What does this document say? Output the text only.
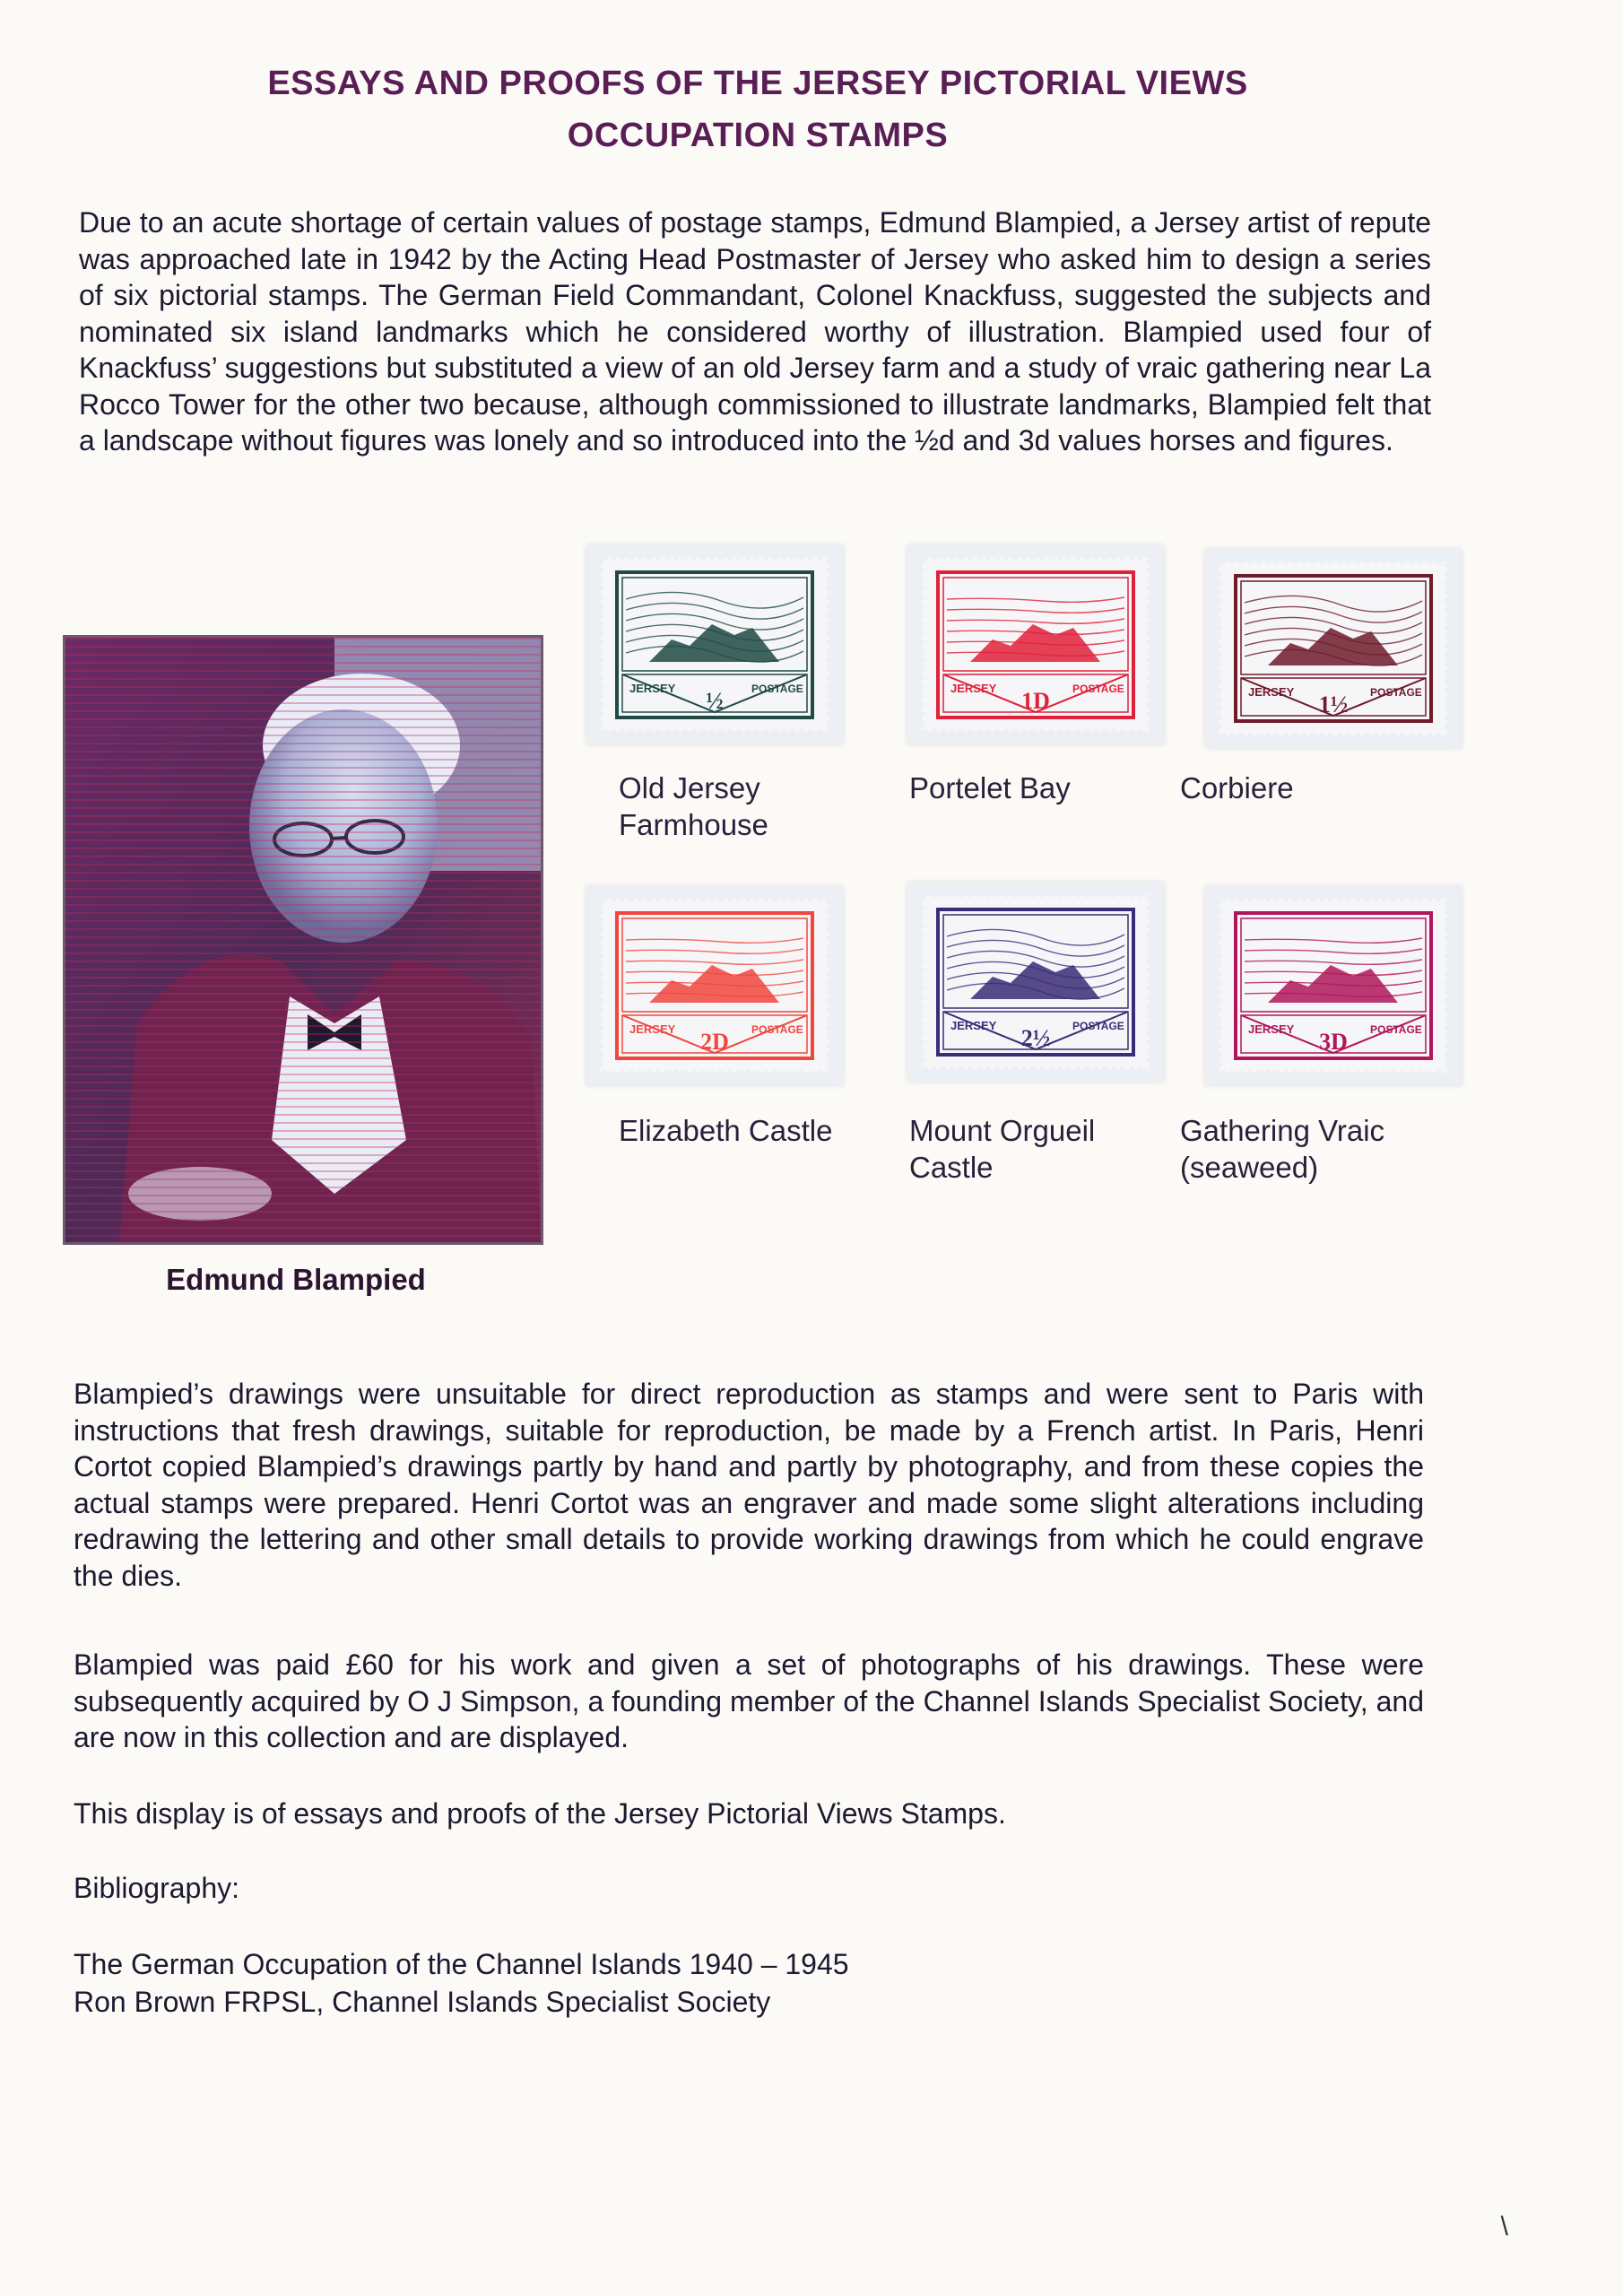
ESSAYS AND PROOFS OF THE JERSEY PICTORIAL VIEWS
OCCUPATION STAMPS
Due to an acute shortage of certain values of postage stamps, Edmund Blampied, a Jersey artist of repute was approached late in 1942 by the Acting Head Postmaster of Jersey who asked him to design a series of six pictorial stamps. The German Field Commandant, Colonel Knackfuss, suggested the subjects and nominated six island landmarks which he considered worthy of illustration. Blampied used four of Knackfuss’ suggestions but substituted a view of an old Jersey farm and a study of vraic gathering near La Rocco Tower for the other two because, although commissioned to illustrate landmarks, Blampied felt that a landscape without figures was lonely and so introduced into the ½d and 3d values horses and figures.
Edmund Blampied
JERSEY	POSTAGE
½
Old Jersey
Farmhouse
JERSEY	POSTAGE
1D
Portelet Bay
JERSEY	POSTAGE
1½
Corbiere
JERSEY	POSTAGE
2D
Elizabeth Castle
JERSEY	POSTAGE
2½
Mount Orgueil
Castle
JERSEY	POSTAGE
3D
Gathering Vraic
(seaweed)
Blampied’s drawings were unsuitable for direct reproduction as stamps and were sent to Paris with instructions that fresh drawings, suitable for reproduction, be made by a French artist. In Paris, Henri Cortot copied Blampied’s drawings partly by hand and partly by photography, and from these copies the actual stamps were prepared. Henri Cortot was an engraver and made some slight alterations including redrawing the lettering and other small details to provide working drawings from which he could engrave the dies.
Blampied was paid £60 for his work and given a set of photographs of his drawings. These were subsequently acquired by O J Simpson, a founding member of the Channel Islands Specialist Society, and are now in this collection and are displayed.
This display is of essays and proofs of the Jersey Pictorial Views Stamps.
Bibliography:
The German Occupation of the Channel Islands 1940 – 1945
Ron Brown FRPSL, Channel Islands Specialist Society
\
